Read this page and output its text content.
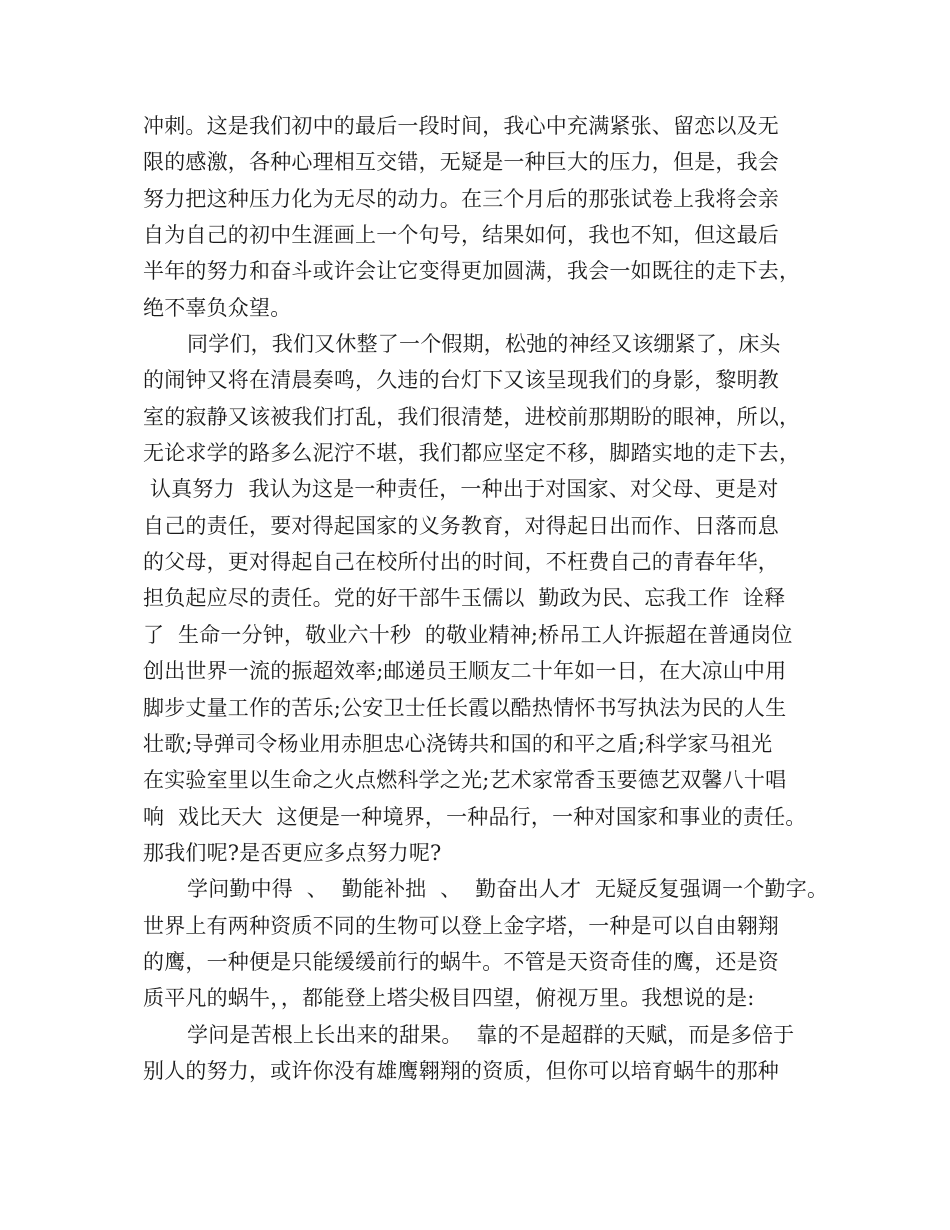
冲刺。这是我们初中的最后一段时间，我心中充满紧张、留恋以及无
限的感激，各种心理相互交错，无疑是一种巨大的压力，但是，我会
努力把这种压力化为无尽的动力。在三个月后的那张试卷上我将会亲
自为自己的初中生涯画上一个句号，结果如何，我也不知，但这最后
半年的努力和奋斗或许会让它变得更加圆满，我会一如既往的走下去，
绝不辜负众望。
同学们，我们又休整了一个假期，松弛的神经又该绷紧了，床头
的闹钟又将在清晨奏鸣，久违的台灯下又该呈现我们的身影，黎明教
室的寂静又该被我们打乱，我们很清楚，进校前那期盼的眼神，所以，
无论求学的路多么泥泞不堪，我们都应坚定不移，脚踏实地的走下去，
认真努力  我认为这是一种责任，一种出于对国家、对父母、更是对
自己的责任，要对得起国家的义务教育，对得起日出而作、日落而息
的父母，更对得起自己在校所付出的时间，不枉费自己的青春年华，
担负起应尽的责任。党的好干部牛玉儒以  勤政为民、忘我工作  诠释
了  生命一分钟，敬业六十秒  的敬业精神;桥吊工人许振超在普通岗位
创出世界一流的振超效率;邮递员王顺友二十年如一日，在大凉山中用
脚步丈量工作的苦乐;公安卫士任长霞以酷热情怀书写执法为民的人生
壮歌;导弹司令杨业用赤胆忠心浇铸共和国的和平之盾;科学家马祖光
在实验室里以生命之火点燃科学之光;艺术家常香玉要德艺双馨八十唱
响  戏比天大  这便是一种境界，一种品行，一种对国家和事业的责任。
那我们呢?是否更应多点努力呢?
学问勤中得  、  勤能补拙  、  勤奋出人才  无疑反复强调一个勤字。
世界上有两种资质不同的生物可以登上金字塔，一种是可以自由翱翔
的鹰，一种便是只能缓缓前行的蜗牛。不管是天资奇佳的鹰，还是资
质平凡的蜗牛，，都能登上塔尖极目四望，俯视万里。我想说的是:
学问是苦根上长出来的甜果。  靠的不是超群的天赋，而是多倍于
别人的努力，或许你没有雄鹰翱翔的资质，但你可以培育蜗牛的那种
